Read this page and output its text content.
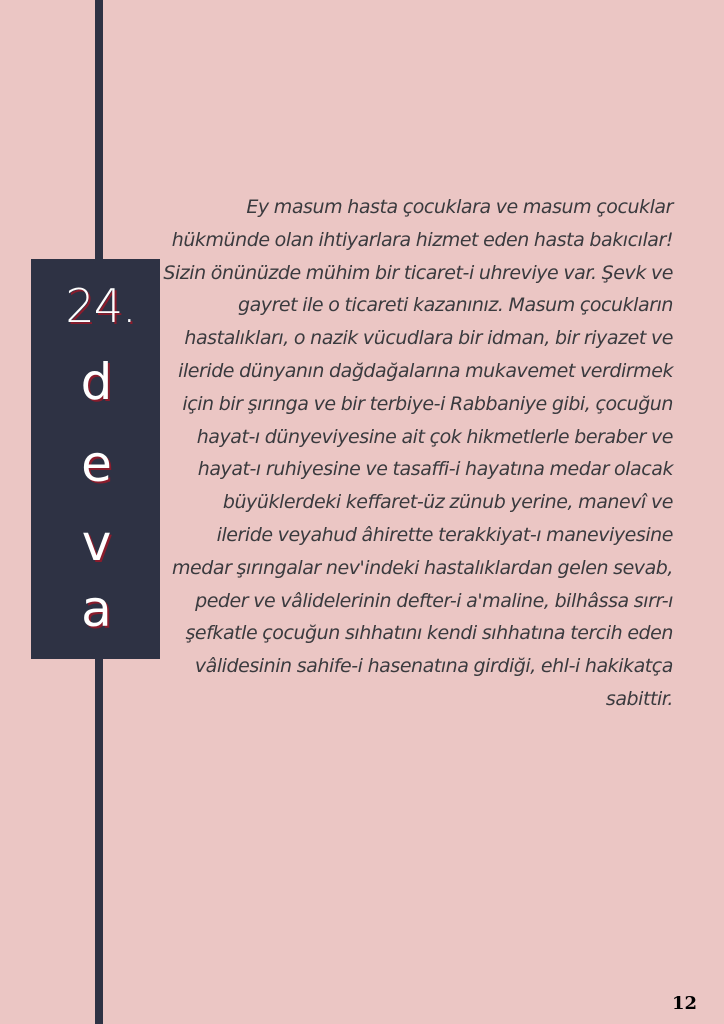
24.
d
e
v
a
Ey masum hasta çocuklara ve masum çocuklar hükmünde olan ihtiyarlara hizmet eden hasta bakıcılar! Sizin önünüzde mühim bir ticaret-i uhreviye var. Şevk ve gayret ile o ticareti kazanınız. Masum çocukların hastalıkları, o nazik vücudlara bir idman, bir riyazet ve ileride dünyanın dağdağalarına mukavemet verdirmek için bir şırınga ve bir terbiye-i Rabbaniye gibi, çocuğun hayat-ı dünyeviyesine ait çok hikmetlerle beraber ve hayat-ı ruhiyesine ve tasaffi-i hayatına medar olacak büyüklerdeki keffaret-üz zünub yerine, manevî ve ileride veyahud âhirette terakkiyat-ı maneviyesine medar şırıngalar nev'indeki hastalıklardan gelen sevab, peder ve vâlidelerinin defter-i a'maline, bilhâssa sırr-ı şefkatle çocuğun sıhhatını kendi sıhhatına tercih eden vâlidesinin sahife-i hasenatına girdiği, ehl-i hakikatça sabittir.
12
